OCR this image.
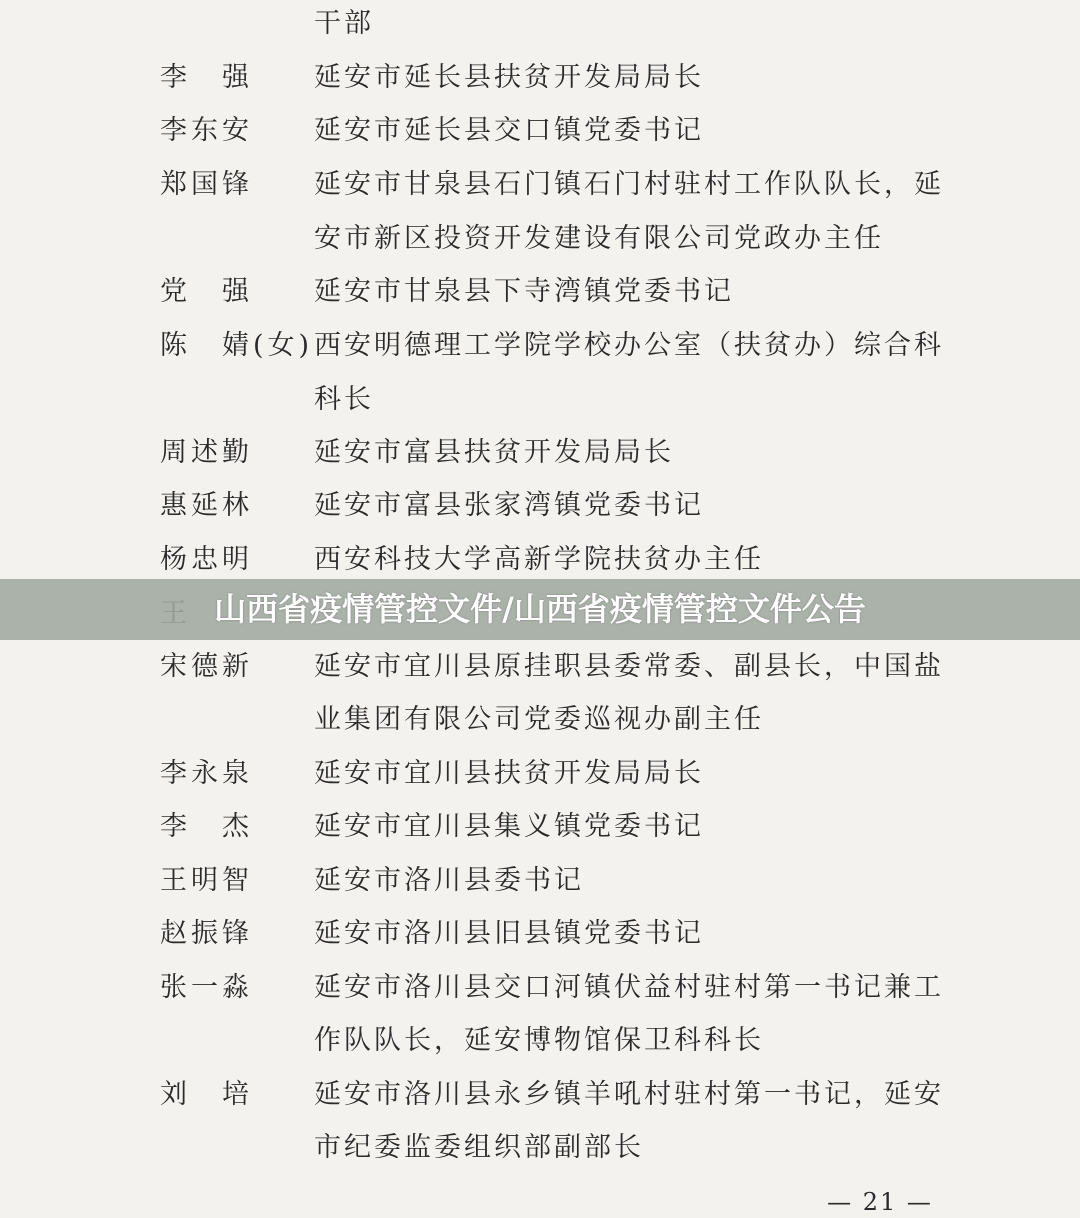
干部
李　强	延安市延长县扶贫开发局局长
李东安	延安市延长县交口镇党委书记
郑国锋	延安市甘泉县石门镇石门村驻村工作队队长，延
安市新区投资开发建设有限公司党政办主任
党　强	延安市甘泉县下寺湾镇党委书记
陈　婧(女) 西安明德理工学院学校办公室（扶贫办）综合科
科长
周述勤	延安市富县扶贫开发局局长
惠延林	延安市富县张家湾镇党委书记
杨忠明	西安科技大学高新学院扶贫办主任
宋德新	延安市宜川县原挂职县委常委、副县长，中国盐
业集团有限公司党委巡视办副主任
李永泉	延安市宜川县扶贫开发局局长
李　杰	延安市宜川县集义镇党委书记
王明智	延安市洛川县委书记
赵振锋	延安市洛川县旧县镇党委书记
张一淼	延安市洛川县交口河镇伏益村驻村第一书记兼工
作队队长，延安博物馆保卫科科长
刘　培	延安市洛川县永乡镇羊吼村驻村第一书记，延安
市纪委监委组织部副部长
— 21 —
山西省疫情管控文件/山西省疫情管控文件公告
